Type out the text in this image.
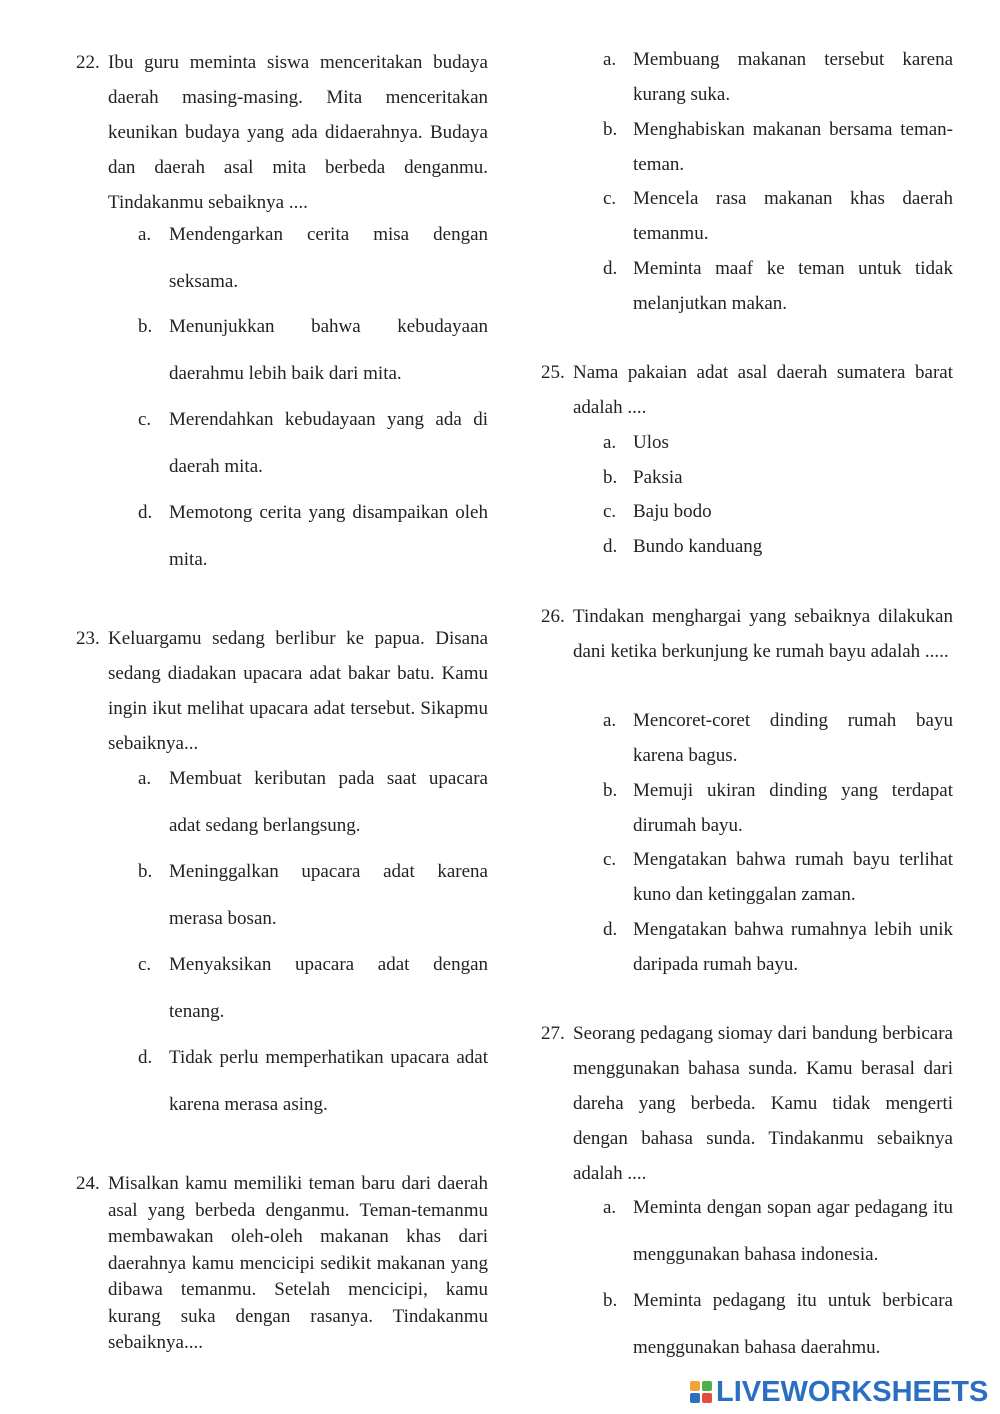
22. Ibu guru meminta siswa menceritakan budaya daerah masing-masing. Mita menceritakan keunikan budaya yang ada didaerahnya. Budaya dan daerah asal mita berbeda denganmu. Tindakanmu sebaiknya ....
a. Mendengarkan cerita misa dengan seksama.
b. Menunjukkan bahwa kebudayaan daerahmu lebih baik dari mita.
c. Merendahkan kebudayaan yang ada di daerah mita.
d. Memotong cerita yang disampaikan oleh mita.
23. Keluargamu sedang berlibur ke papua. Disana sedang diadakan upacara adat bakar batu. Kamu ingin ikut melihat upacara adat tersebut. Sikapmu sebaiknya...
a. Membuat keributan pada saat upacara adat sedang berlangsung.
b. Meninggalkan upacara adat karena merasa bosan.
c. Menyaksikan upacara adat dengan tenang.
d. Tidak perlu memperhatikan upacara adat karena merasa asing.
24. Misalkan kamu memiliki teman baru dari daerah asal yang berbeda denganmu. Teman-temanmu membawakan oleh-oleh makanan khas dari daerahnya kamu mencicipi sedikit makanan yang dibawa temanmu. Setelah mencicipi, kamu kurang suka dengan rasanya. Tindakanmu sebaiknya....
a. Membuang makanan tersebut karena kurang suka.
b. Menghabiskan makanan bersama teman-teman.
c. Mencela rasa makanan khas daerah temanmu.
d. Meminta maaf ke teman untuk tidak melanjutkan makan.
25. Nama pakaian adat asal daerah sumatera barat adalah ....
a. Ulos
b. Paksia
c. Baju bodo
d. Bundo kanduang
26. Tindakan menghargai yang sebaiknya dilakukan dani ketika berkunjung ke rumah bayu adalah .....
a. Mencoret-coret dinding rumah bayu karena bagus.
b. Memuji ukiran dinding yang terdapat dirumah bayu.
c. Mengatakan bahwa rumah bayu terlihat kuno dan ketinggalan zaman.
d. Mengatakan bahwa rumahnya lebih unik daripada rumah bayu.
27. Seorang pedagang siomay dari bandung berbicara menggunakan bahasa sunda. Kamu berasal dari dareha yang berbeda. Kamu tidak mengerti dengan bahasa sunda. Tindakanmu sebaiknya adalah ....
a. Meminta dengan sopan agar pedagang itu menggunakan bahasa indonesia.
b. Meminta pedagang itu untuk berbicara menggunakan bahasa daerahmu.
LIVEWORKSHEETS
